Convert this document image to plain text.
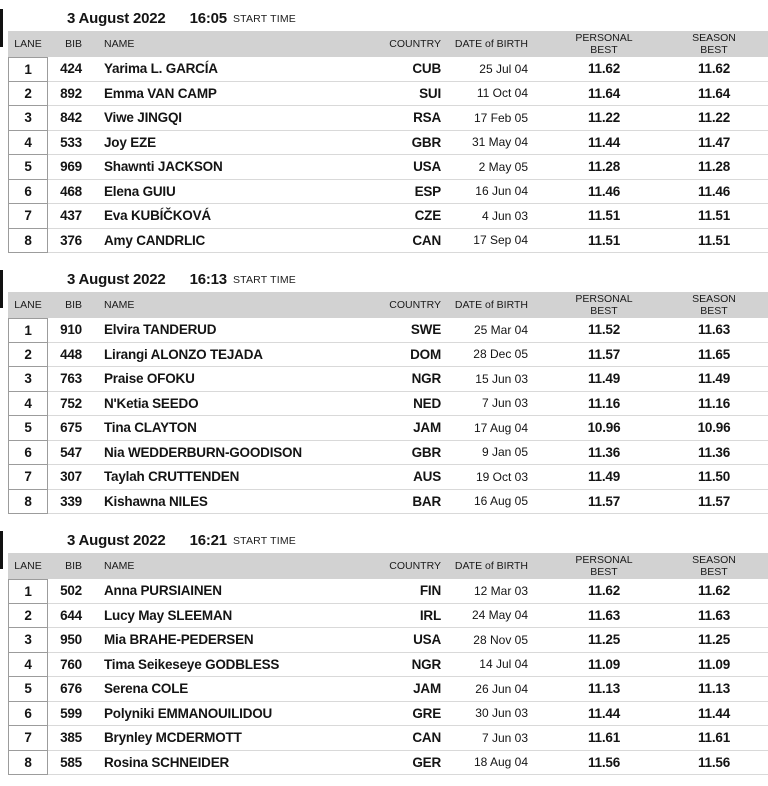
3 August 2022 16:05 START TIME
LANE	BIB	NAME	COUNTRY	DATE of BIRTH
PERSONAL
BEST
SEASON
BEST
1	424	Yarima L. GARCÍA	CUB	25 Jul 04	11.62	11.62
2	892	Emma VAN CAMP	SUI	11 Oct 04	11.64	11.64
3	842	Viwe JINGQI	RSA	17 Feb 05	11.22	11.22
4	533	Joy EZE	GBR	31 May 04	11.44	11.47
5	969	Shawnti JACKSON	USA	2 May 05	11.28	11.28
6	468	Elena GUIU	ESP	16 Jun 04	11.46	11.46
7	437	Eva KUBÍČKOVÁ	CZE	4 Jun 03	11.51	11.51
8	376	Amy CANDRLIC	CAN	17 Sep 04	11.51	11.51
3 August 2022 16:13 START TIME
LANE	BIB	NAME	COUNTRY	DATE of BIRTH
PERSONAL
BEST
SEASON
BEST
1	910	Elvira TANDERUD	SWE	25 Mar 04	11.52	11.63
2	448	Lirangi ALONZO TEJADA	DOM	28 Dec 05	11.57	11.65
3	763	Praise OFOKU	NGR	15 Jun 03	11.49	11.49
4	752	N'Ketia SEEDO	NED	7 Jun 03	11.16	11.16
5	675	Tina CLAYTON	JAM	17 Aug 04	10.96	10.96
6	547	Nia WEDDERBURN-GOODISON	GBR	9 Jan 05	11.36	11.36
7	307	Taylah CRUTTENDEN	AUS	19 Oct 03	11.49	11.50
8	339	Kishawna NILES	BAR	16 Aug 05	11.57	11.57
3 August 2022 16:21 START TIME
LANE	BIB	NAME	COUNTRY	DATE of BIRTH
PERSONAL
BEST
SEASON
BEST
1	502	Anna PURSIAINEN	FIN	12 Mar 03	11.62	11.62
2	644	Lucy May SLEEMAN	IRL	24 May 04	11.63	11.63
3	950	Mia BRAHE-PEDERSEN	USA	28 Nov 05	11.25	11.25
4	760	Tima Seikeseye GODBLESS	NGR	14 Jul 04	11.09	11.09
5	676	Serena COLE	JAM	26 Jun 04	11.13	11.13
6	599	Polyniki EMMANOUILIDOU	GRE	30 Jun 03	11.44	11.44
7	385	Brynley MCDERMOTT	CAN	7 Jun 03	11.61	11.61
8	585	Rosina SCHNEIDER	GER	18 Aug 04	11.56	11.56
